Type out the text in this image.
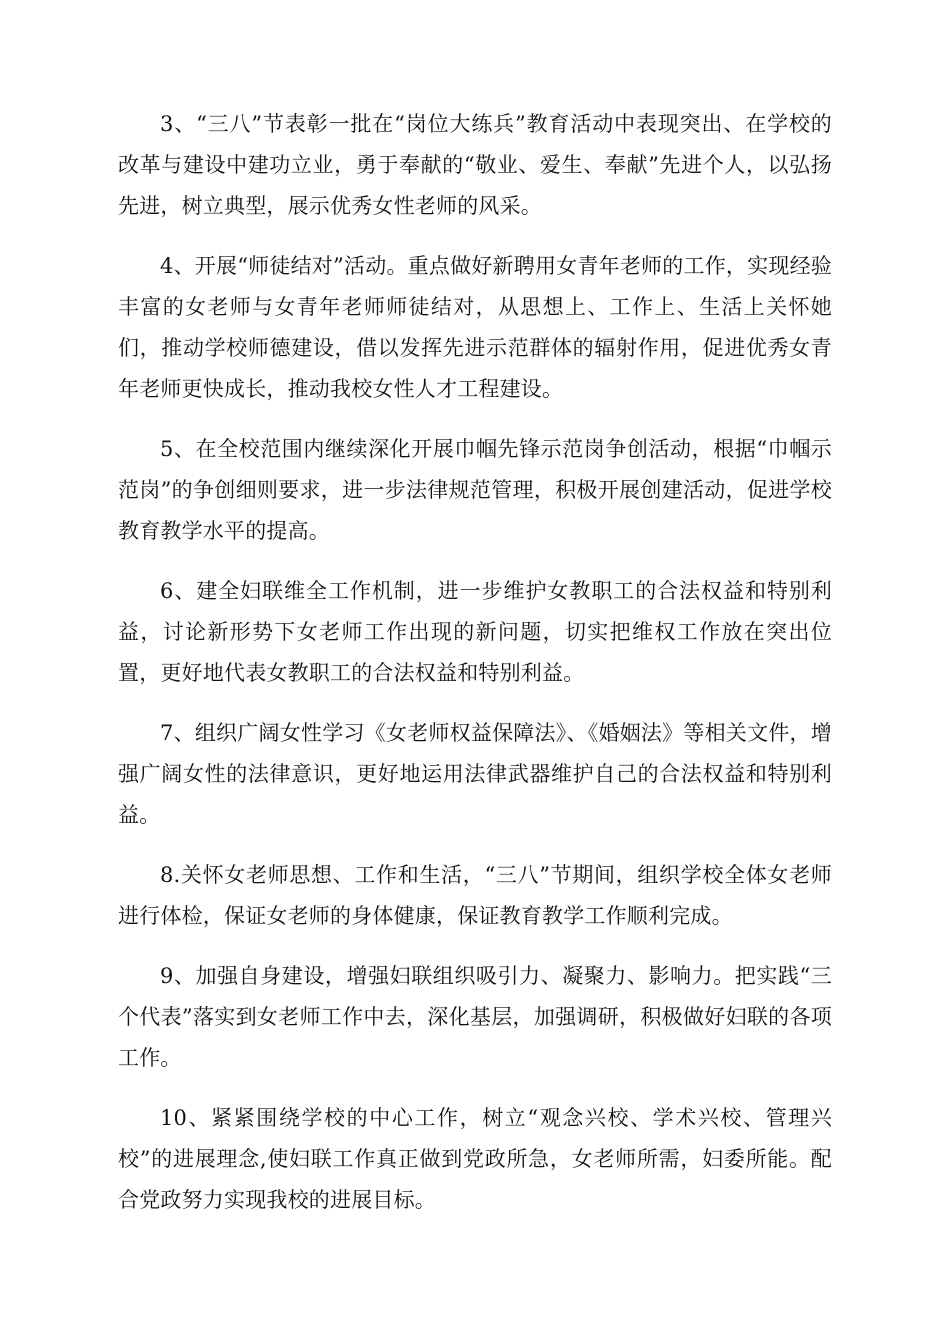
3、“三八”节表彰一批在“岗位大练兵”教育活动中表现突出、在学校的改革与建设中建功立业，勇于奉献的“敬业、爱生、奉献”先进个人，以弘扬先进，树立典型，展示优秀女性老师的风采。

4、开展“师徒结对”活动。重点做好新聘用女青年老师的工作，实现经验丰富的女老师与女青年老师师徒结对，从思想上、工作上、生活上关怀她们，推动学校师德建设，借以发挥先进示范群体的辐射作用，促进优秀女青年老师更快成长，推动我校女性人才工程建设。

5、在全校范围内继续深化开展巾帼先锋示范岗争创活动，根据“巾帼示范岗”的争创细则要求，进一步法律规范管理，积极开展创建活动，促进学校教育教学水平的提高。

6、建全妇联维全工作机制，进一步维护女教职工的合法权益和特别利益，讨论新形势下女老师工作出现的新问题，切实把维权工作放在突出位置，更好地代表女教职工的合法权益和特别利益。

7、组织广阔女性学习《女老师权益保障法》、《婚姻法》等相关文件，增强广阔女性的法律意识，更好地运用法律武器维护自己的合法权益和特别利益。

8.关怀女老师思想、工作和生活，“三八”节期间，组织学校全体女老师进行体检，保证女老师的身体健康，保证教育教学工作顺利完成。

9、加强自身建设，增强妇联组织吸引力、凝聚力、影响力。把实践“三个代表”落实到女老师工作中去，深化基层，加强调研，积极做好妇联的各项工作。

10、紧紧围绕学校的中心工作，树立“观念兴校、学术兴校、管理兴校”的进展理念,使妇联工作真正做到党政所急，女老师所需，妇委所能。配合党政努力实现我校的进展目标。
